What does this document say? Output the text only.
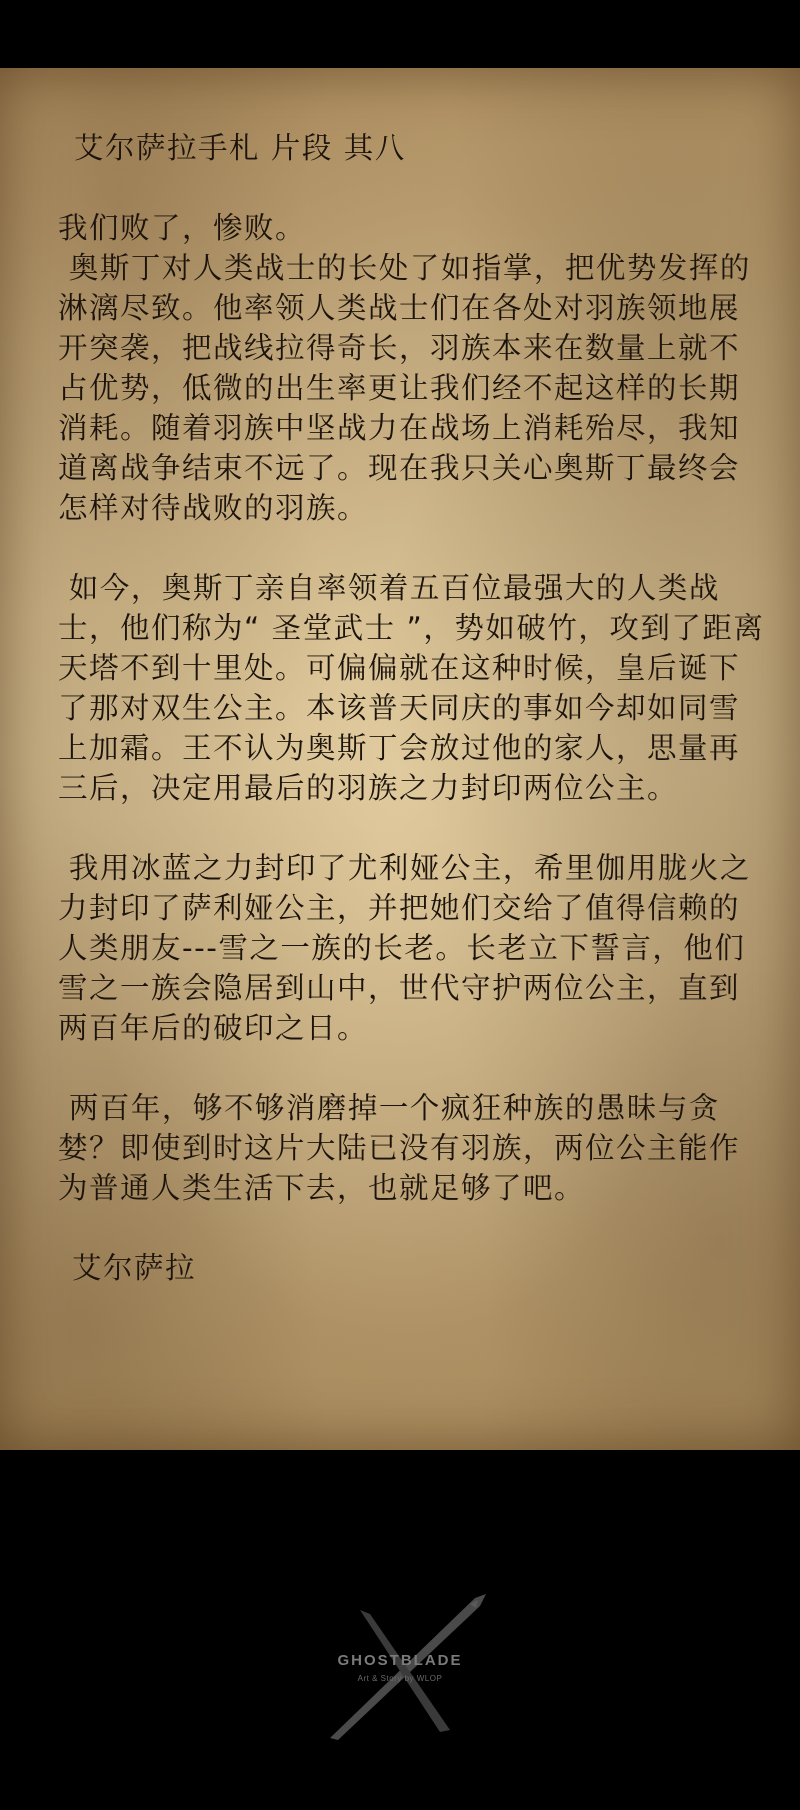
艾尔萨拉手札 片段 其八

我们败了，惨败。
奥斯丁对人类战士的长处了如指掌，把优势发挥的淋漓尽致。他率领人类战士们在各处对羽族领地展开突袭，把战线拉得奇长，羽族本来在数量上就不占优势，低微的出生率更让我们经不起这样的长期消耗。随着羽族中坚战力在战场上消耗殆尽，我知道离战争结束不远了。现在我只关心奥斯丁最终会怎样对待战败的羽族。

如今，奥斯丁亲自率领着五百位最强大的人类战士，他们称为“ 圣堂武士 ”，势如破竹，攻到了距离天塔不到十里处。可偏偏就在这种时候，皇后诞下了那对双生公主。本该普天同庆的事如今却如同雪上加霜。王不认为奥斯丁会放过他的家人，思量再三后，决定用最后的羽族之力封印两位公主。

我用冰蓝之力封印了尤利娅公主，希里伽用胧火之力封印了萨利娅公主，并把她们交给了值得信赖的人类朋友---雪之一族的长老。长老立下誓言，他们雪之一族会隐居到山中，世代守护两位公主，直到两百年后的破印之日。

两百年，够不够消磨掉一个疯狂种族的愚昧与贪婪？即使到时这片大陆已没有羽族，两位公主能作为普通人类生活下去，也就足够了吧。

艾尔萨拉

GHOSTBLADE
Art & Story by WLOP
